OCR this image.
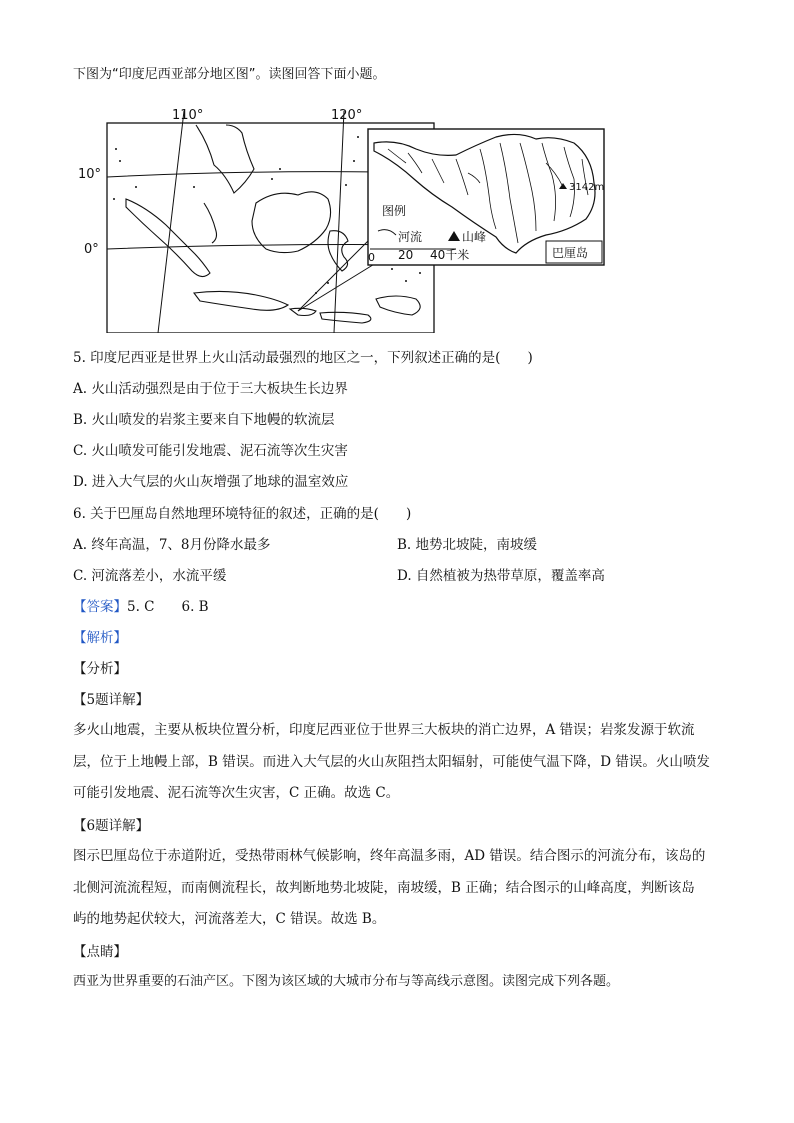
下图为“印度尼西亚部分地区图”。读图回答下面小题。
110°	120°
10°
0°
3142m
图例
河流	山峰
0 20 40千米	巴厘岛
5. 印度尼西亚是世界上火山活动最强烈的地区之一，下列叙述正确的是(　　)
A. 火山活动强烈是由于位于三大板块生长边界
B. 火山喷发的岩浆主要来自下地幔的软流层
C. 火山喷发可能引发地震、泥石流等次生灾害
D. 进入大气层的火山灰增强了地球的温室效应
6. 关于巴厘岛自然地理环境特征的叙述，正确的是(　　)
A. 终年高温，7、8月份降水最多	B. 地势北坡陡，南坡缓
C. 河流落差小，水流平缓	D. 自然植被为热带草原，覆盖率高
【答案】5. C　　6. B
【解析】
【分析】
【5题详解】
多火山地震，主要从板块位置分析，印度尼西亚位于世界三大板块的消亡边界，A 错误；岩浆发源于软流
层，位于上地幔上部，B 错误。而进入大气层的火山灰阻挡太阳辐射，可能使气温下降，D 错误。火山喷发
可能引发地震、泥石流等次生灾害，C 正确。故选 C。
【6题详解】
图示巴厘岛位于赤道附近，受热带雨林气候影响，终年高温多雨，AD 错误。结合图示的河流分布，该岛的
北侧河流流程短，而南侧流程长，故判断地势北坡陡，南坡缓，B 正确；结合图示的山峰高度，判断该岛
屿的地势起伏较大，河流落差大，C 错误。故选 B。
【点睛】
西亚为世界重要的石油产区。下图为该区域的大城市分布与等高线示意图。读图完成下列各题。
